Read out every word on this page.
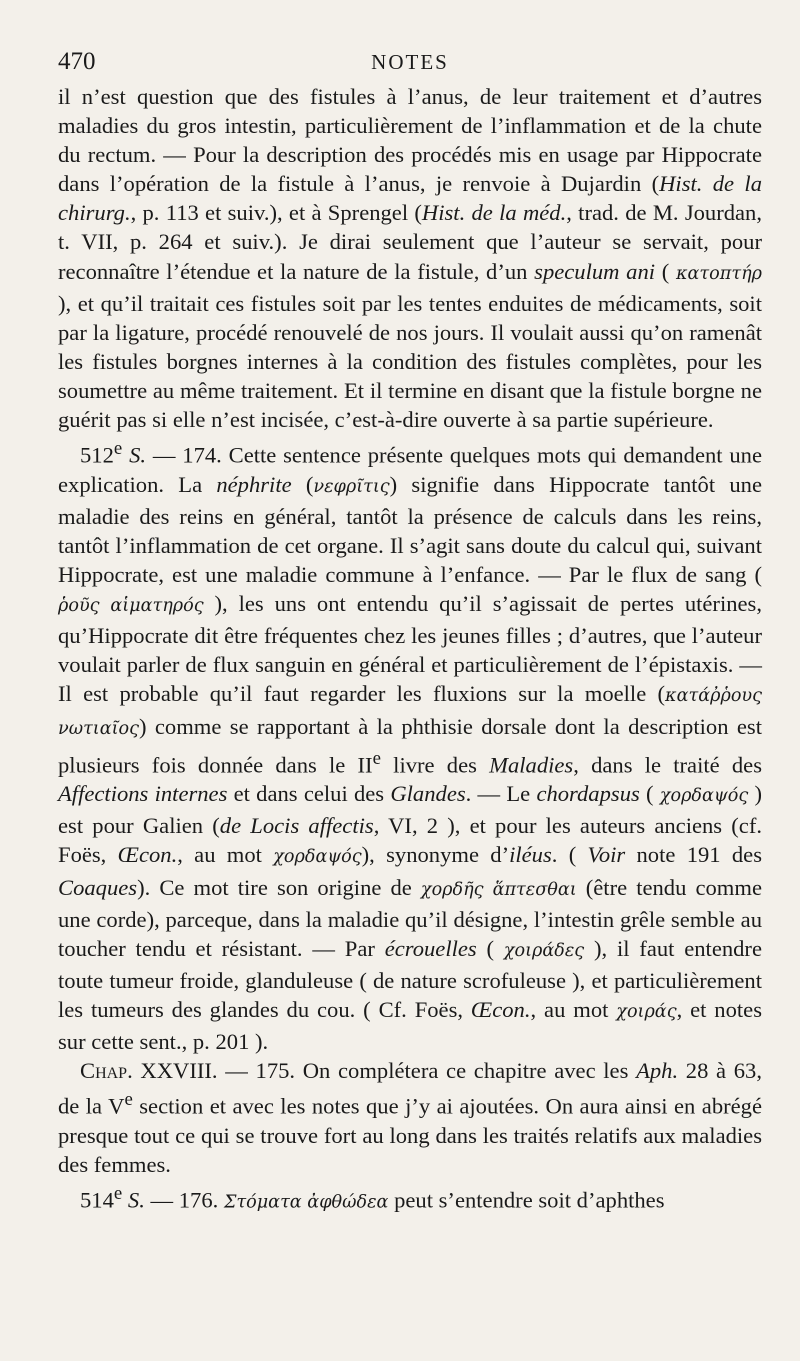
470	NOTES

il n’est question que des fistules à l’anus, de leur traitement et d’autres maladies du gros intestin, particulièrement de l’inflammation et de la chute du rectum. — Pour la description des procédés mis en usage par Hippocrate dans l’opération de la fistule à l’anus, je renvoie à Dujardin (Hist. de la chirurg., p. 113 et suiv.), et à Sprengel (Hist. de la méd., trad. de M. Jourdan, t. VII, p. 264 et suiv.). Je dirai seulement que l’auteur se servait, pour reconnaître l’étendue et la nature de la fistule, d’un speculum ani ( κατοπτήρ ), et qu’il traitait ces fistules soit par les tentes enduites de médicaments, soit par la ligature, procédé renouvelé de nos jours. Il voulait aussi qu’on ramenât les fistules borgnes internes à la condition des fistules complètes, pour les soumettre au même traitement. Et il termine en disant que la fistule borgne ne guérit pas si elle n’est incisée, c’est-à-dire ouverte à sa partie supérieure.

512e S. — 174. Cette sentence présente quelques mots qui demandent une explication. La néphrite (νεφρῖτις) signifie dans Hippocrate tantôt une maladie des reins en général, tantôt la présence de calculs dans les reins, tantôt l’inflammation de cet organe. Il s’agit sans doute du calcul qui, suivant Hippocrate, est une maladie commune à l’enfance. — Par le flux de sang ( ῥοῦς αἱματηρός ), les uns ont entendu qu’il s’agissait de pertes utérines, qu’Hippocrate dit être fréquentes chez les jeunes filles ; d’autres, que l’auteur voulait parler de flux sanguin en général et particulièrement de l’épistaxis. — Il est probable qu’il faut regarder les fluxions sur la moelle (κατάῤῥους νωτιαῖος) comme se rapportant à la phthisie dorsale dont la description est plusieurs fois donnée dans le IIe livre des Maladies, dans le traité des Affections internes et dans celui des Glandes. — Le chordapsus ( χορδαψός ) est pour Galien (de Locis affectis, VI, 2 ), et pour les auteurs anciens (cf. Foës, Œcon., au mot χορδαψός), synonyme d’iléus. ( Voir note 191 des Coaques). Ce mot tire son origine de χορδῆς ἅπτεσθαι (être tendu comme une corde), parceque, dans la maladie qu’il désigne, l’intestin grêle semble au toucher tendu et résistant. — Par écrouelles ( χοιράδες ), il faut entendre toute tumeur froide, glanduleuse ( de nature scrofuleuse ), et particulièrement les tumeurs des glandes du cou. ( Cf. Foës, Œcon., au mot χοιράς, et notes sur cette sent., p. 201 ).

Chap. XXVIII. — 175. On complétera ce chapitre avec les Aph. 28 à 63, de la Ve section et avec les notes que j’y ai ajoutées. On aura ainsi en abrégé presque tout ce qui se trouve fort au long dans les traités relatifs aux maladies des femmes.

514e S. — 176. Στόματα ἀφθώδεα peut s’entendre soit d’aphthes
